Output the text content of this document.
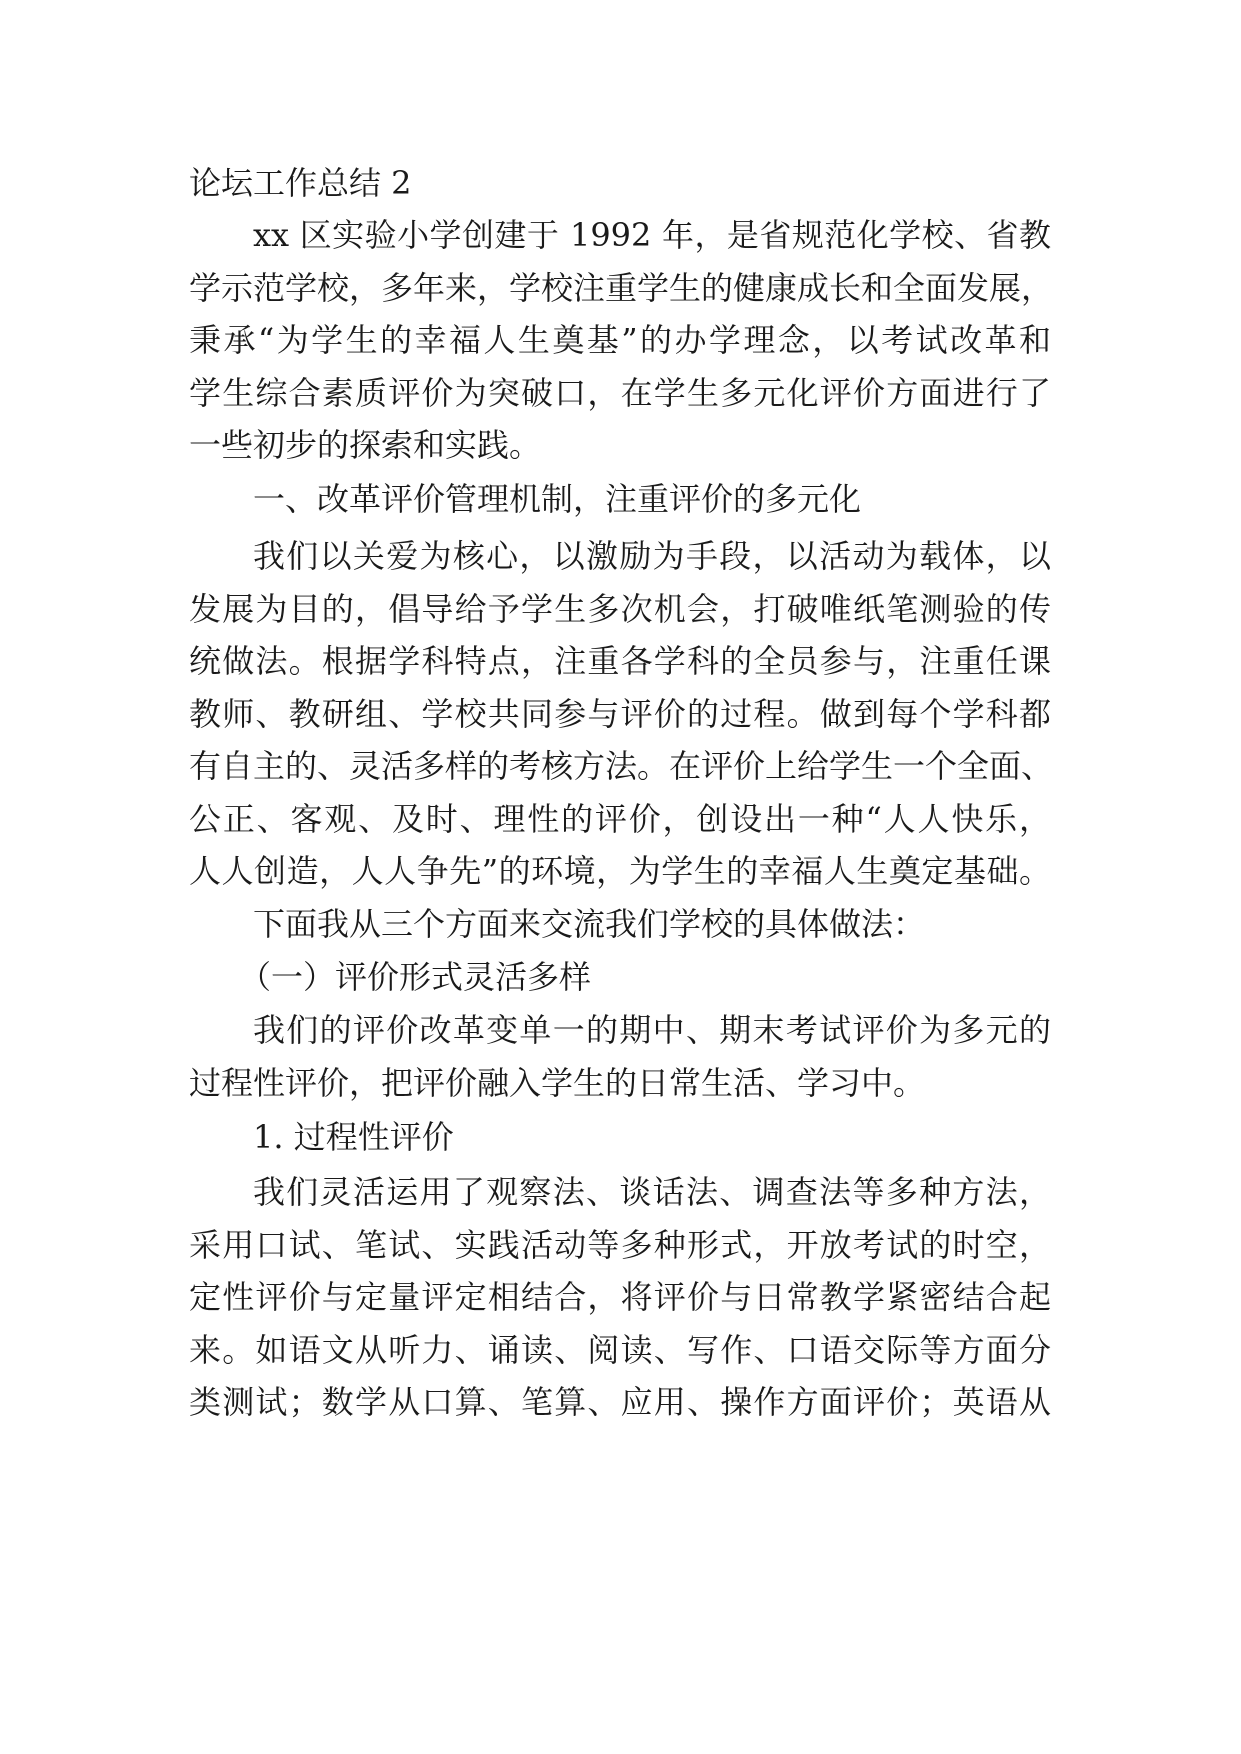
论坛工作总结 2
xx 区实验小学创建于 1992 年，是省规范化学校、省教
学示范学校，多年来，学校注重学生的健康成长和全面发展，
秉承“为学生的幸福人生奠基”的办学理念，以考试改革和
学生综合素质评价为突破口，在学生多元化评价方面进行了
一些初步的探索和实践。
一、改革评价管理机制，注重评价的多元化
我们以关爱为核心，以激励为手段，以活动为载体，以
发展为目的，倡导给予学生多次机会，打破唯纸笔测验的传
统做法。根据学科特点，注重各学科的全员参与，注重任课
教师、教研组、学校共同参与评价的过程。做到每个学科都
有自主的、灵活多样的考核方法。在评价上给学生一个全面、
公正、客观、及时、理性的评价，创设出一种“人人快乐，
人人创造，人人争先”的环境，为学生的幸福人生奠定基础。
下面我从三个方面来交流我们学校的具体做法：
（一）评价形式灵活多样
我们的评价改革变单一的期中、期末考试评价为多元的
过程性评价，把评价融入学生的日常生活、学习中。
1. 过程性评价
我们灵活运用了观察法、谈话法、调查法等多种方法，
采用口试、笔试、实践活动等多种形式，开放考试的时空，
定性评价与定量评定相结合，将评价与日常教学紧密结合起
来。如语文从听力、诵读、阅读、写作、口语交际等方面分
类测试；数学从口算、笔算、应用、操作方面评价；英语从
